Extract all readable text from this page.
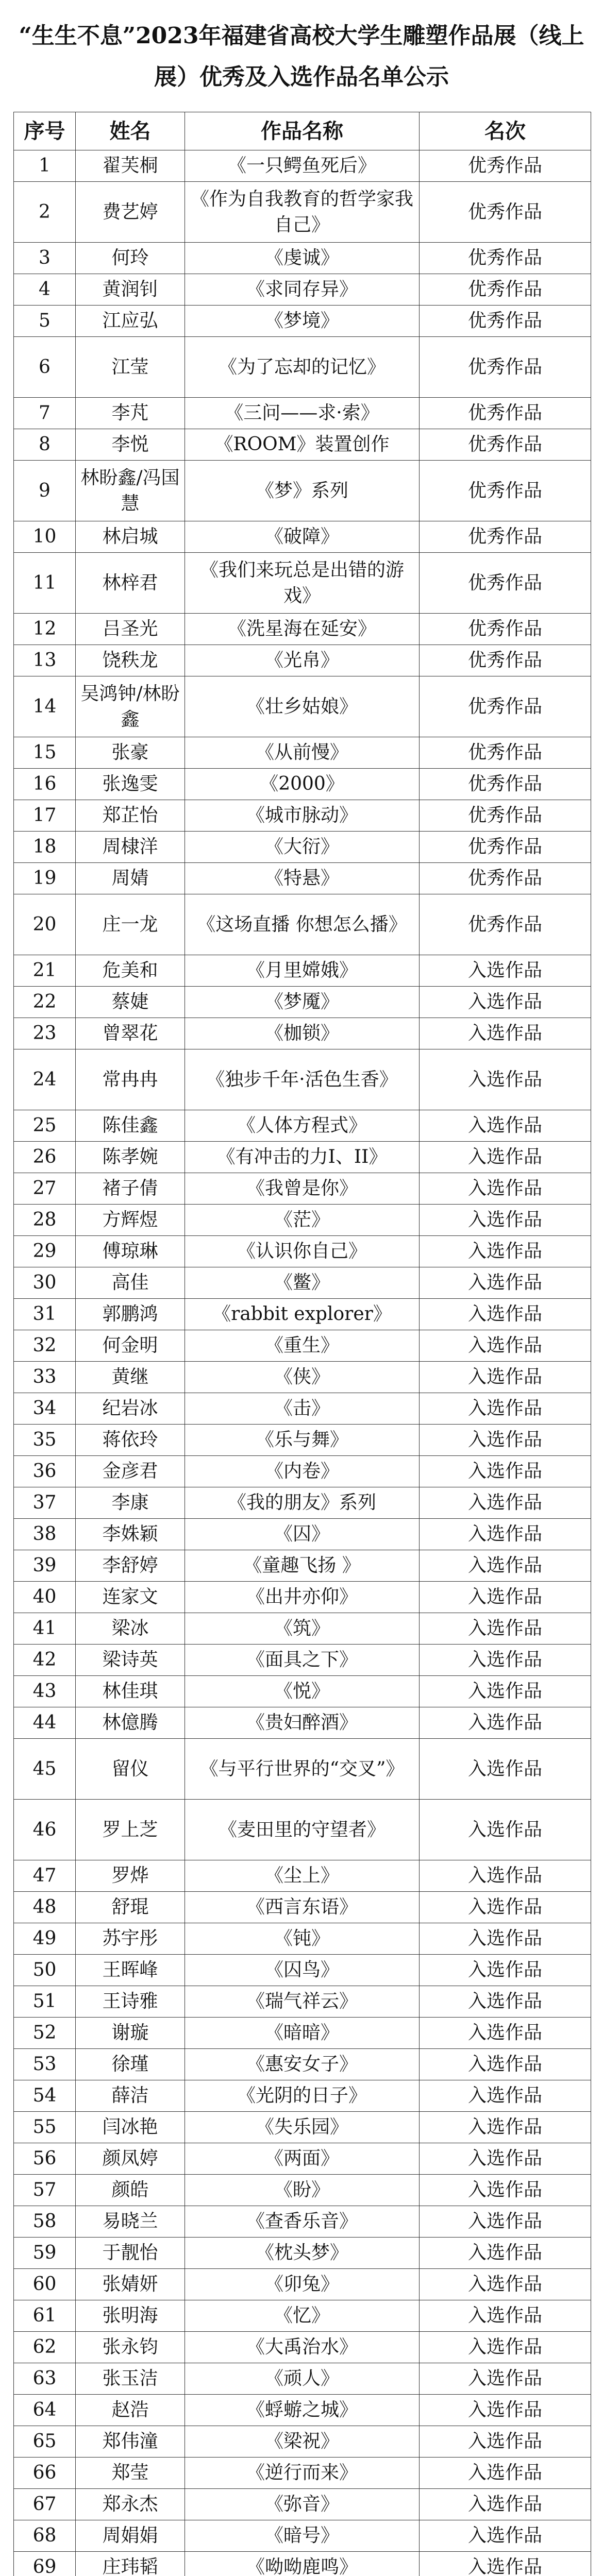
“生生不息”2023年福建省高校大学生雕塑作品展（线上展）优秀及入选作品名单公示
序号	姓名	作品名称	名次
1	翟芙桐	《一只鳄鱼死后》	优秀作品
2	费艺婷	《作为自我教育的哲学家我自己》	优秀作品
3	何玲	《虔诚》	优秀作品
4	黄润钊	《求同存异》	优秀作品
5	江应弘	《梦境》	优秀作品
6	江莹	《为了忘却的记忆》	优秀作品
7	李芃	《三问——求·索》	优秀作品
8	李悦	《ROOM》装置创作	优秀作品
9	林盼鑫/冯国慧	《梦》系列	优秀作品
10	林启城	《破障》	优秀作品
11	林梓君	《我们来玩总是出错的游戏》	优秀作品
12	吕圣光	《洗星海在延安》	优秀作品
13	饶秩龙	《光帛》	优秀作品
14	吴鸿钟/林盼鑫	《壮乡姑娘》	优秀作品
15	张豪	《从前慢》	优秀作品
16	张逸雯	《2000》	优秀作品
17	郑芷怡	《城市脉动》	优秀作品
18	周棣洋	《大衍》	优秀作品
19	周婧	《特悬》	优秀作品
20	庄一龙	《这场直播 你想怎么播》	优秀作品
21	危美和	《月里嫦娥》	入选作品
22	蔡婕	《梦魇》	入选作品
23	曾翠花	《枷锁》	入选作品
24	常冉冉	《独步千年·活色生香》	入选作品
25	陈佳鑫	《人体方程式》	入选作品
26	陈孝婉	《有冲击的力I、II》	入选作品
27	褚子倩	《我曾是你》	入选作品
28	方辉煜	《茫》	入选作品
29	傅琼琳	《认识你自己》	入选作品
30	高佳	《鳖》	入选作品
31	郭鹏鸿	《rabbit explorer》	入选作品
32	何金明	《重生》	入选作品
33	黄继	《侠》	入选作品
34	纪岩冰	《击》	入选作品
35	蒋依玲	《乐与舞》	入选作品
36	金彦君	《内卷》	入选作品
37	李康	《我的朋友》系列	入选作品
38	李姝颖	《囚》	入选作品
39	李舒婷	《童趣飞扬 》	入选作品
40	连家文	《出井亦仰》	入选作品
41	梁冰	《筑》	入选作品
42	梁诗英	《面具之下》	入选作品
43	林佳琪	《悦》	入选作品
44	林億腾	《贵妇醉酒》	入选作品
45	留仪	《与平行世界的“交叉”》	入选作品
46	罗上芝	《麦田里的守望者》	入选作品
47	罗烨	《尘上》	入选作品
48	舒琨	《西言东语》	入选作品
49	苏宇彤	《钝》	入选作品
50	王晖峰	《囚鸟》	入选作品
51	王诗雅	《瑞气祥云》	入选作品
52	谢璇	《暗暗》	入选作品
53	徐瑾	《惠安女子》	入选作品
54	薛洁	《光阴的日子》	入选作品
55	闫冰艳	《失乐园》	入选作品
56	颜凤婷	《两面》	入选作品
57	颜皓	《盼》	入选作品
58	易晓兰	《查香乐音》	入选作品
59	于靓怡	《枕头梦》	入选作品
60	张婧妍	《卯兔》	入选作品
61	张明海	《忆》	入选作品
62	张永钧	《大禹治水》	入选作品
63	张玉洁	《顽人》	入选作品
64	赵浩	《蜉蝣之城》	入选作品
65	郑伟潼	《梁祝》	入选作品
66	郑莹	《逆行而来》	入选作品
67	郑永杰	《弥音》	入选作品
68	周娟娟	《暗号》	入选作品
69	庄玮韬	《呦呦鹿鸣》	入选作品
